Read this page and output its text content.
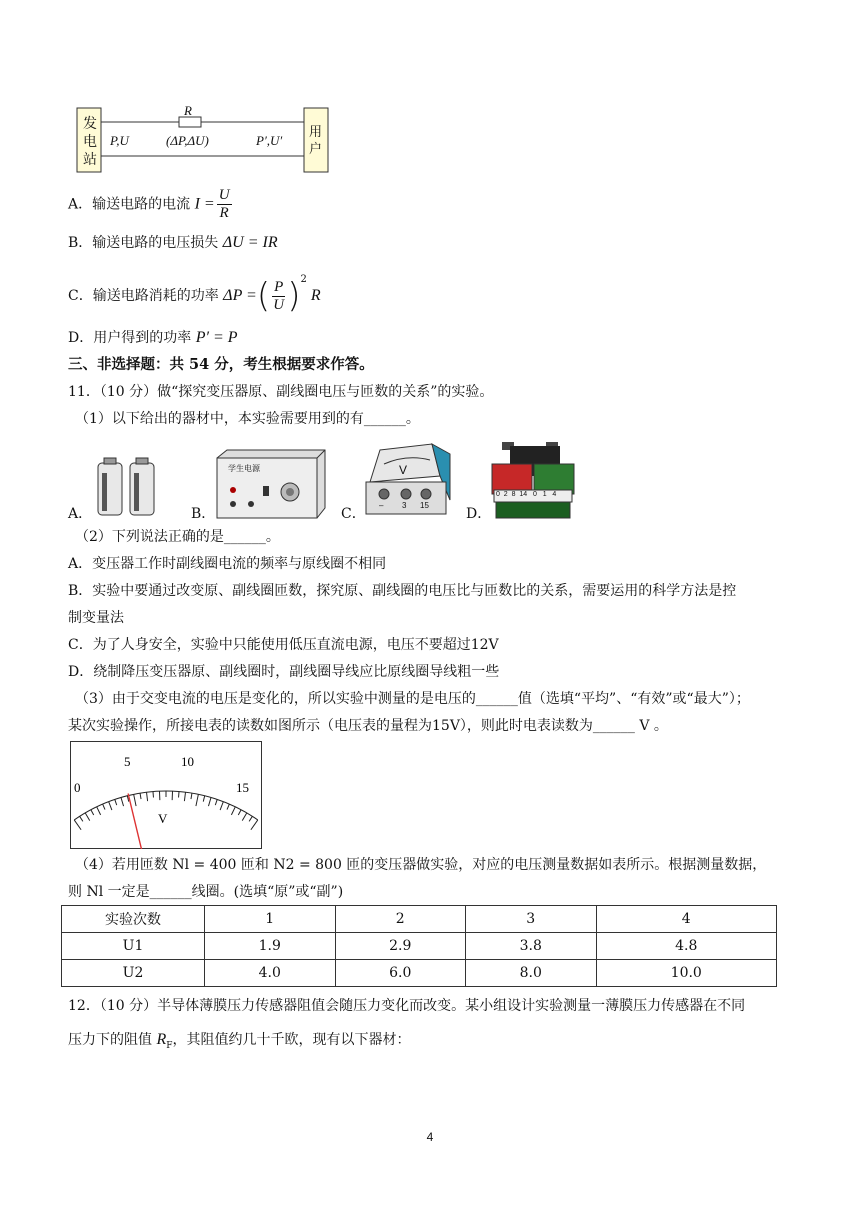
发
电
站
用
户
R
P,U	(ΔP,ΔU)	P′,U′
A．输送电路的电流 $I = \frac{U}{R}$
B．输送电路的电压损失 ΔU = IR
C．输送电路消耗的功率 ΔP =( $\frac{P}{U} )^2$ R
D．用户得到的功率 P′ = P
三、非选择题：共 54 分，考生根据要求作答。
11．（10 分）做“探究变压器原、副线圈电压与匝数的关系”的实验。
（1）以下给出的器材中，本实验需要用到的有______。
A．	B．
学生电源
C．
V
– 3 15
D．
0  2  8  14   0   1   4
（2）下列说法正确的是______。
A．变压器工作时副线圈电流的频率与原线圈不相同
B．实验中要通过改变原、副线圈匝数，探究原、副线圈的电压比与匝数比的关系，需要运用的科学方法是控
制变量法
C．为了人身安全，实验中只能使用低压直流电源，电压不要超过12V
D．绕制降压变压器原、副线圈时，副线圈导线应比原线圈导线粗一些
（3）由于交变电流的电压是变化的，所以实验中测量的是电压的______值（选填“平均”、“有效”或“最大”）；
某次实验操作，所接电表的读数如图所示（电压表的量程为15V），则此时电表读数为______ V 。
0
5	10
15
V
（4）若用匝数 Nl = 400 匝和 N2 = 800 匝的变压器做实验，对应的电压测量数据如表所示。根据测量数据，
则 Nl 一定是______线圈。(选填“原”或“副”)
实验次数	1	2	3	4
U1	1.9	2.9	3.8	4.8
U2	4.0	6.0	8.0	10.0
12．（10 分）半导体薄膜压力传感器阻值会随压力变化而改变。某小组设计实验测量一薄膜压力传感器在不同
压力下的阻值 $R_F$，其阻值约几十千欧，现有以下器材：
4
